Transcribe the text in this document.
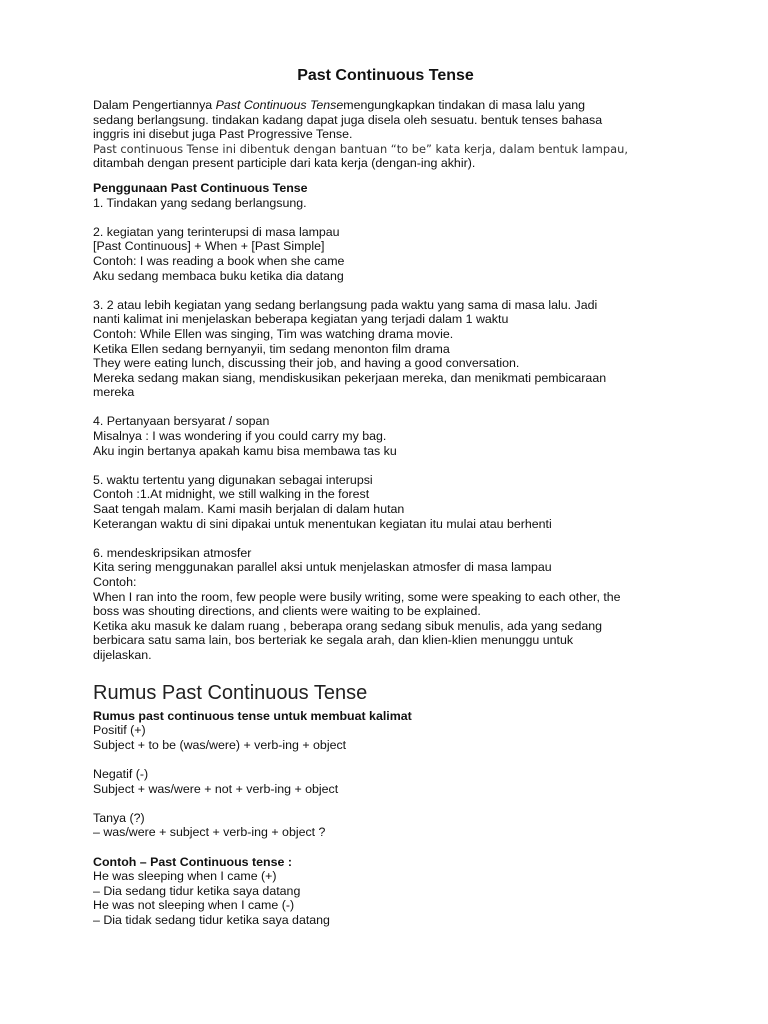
Past Continuous Tense
Dalam Pengertiannya Past Continuous Tensemengungkapkan tindakan di masa lalu yang
sedang berlangsung. tindakan kadang dapat juga disela oleh sesuatu. bentuk tenses bahasa
inggris ini disebut juga Past Progressive Tense.
Past continuous Tense ini dibentuk dengan bantuan “to be” kata kerja, dalam bentuk lampau,
ditambah dengan present participle dari kata kerja (dengan-ing akhir).
Penggunaan Past Continuous Tense
1. Tindakan yang sedang berlangsung.
2. kegiatan yang terinterupsi di masa lampau
[Past Continuous] + When + [Past Simple]
Contoh: I was reading a book when she came
Aku sedang membaca buku ketika dia datang
3. 2 atau lebih kegiatan yang sedang berlangsung pada waktu yang sama di masa lalu. Jadi
nanti kalimat ini menjelaskan beberapa kegiatan yang terjadi dalam 1 waktu
Contoh: While Ellen was singing, Tim was watching drama movie.
Ketika Ellen sedang bernyanyii, tim sedang menonton film drama
They were eating lunch, discussing their job, and having a good conversation.
Mereka sedang makan siang, mendiskusikan pekerjaan mereka, dan menikmati pembicaraan
mereka
4. Pertanyaan bersyarat / sopan
Misalnya : I was wondering if you could carry my bag.
Aku ingin bertanya apakah kamu bisa membawa tas ku
5. waktu tertentu yang digunakan sebagai interupsi
Contoh :1.At midnight, we still walking in the forest
Saat tengah malam. Kami masih berjalan di dalam hutan
Keterangan waktu di sini dipakai untuk menentukan kegiatan itu mulai atau berhenti
6. mendeskripsikan atmosfer
Kita sering menggunakan parallel aksi untuk menjelaskan atmosfer di masa lampau
Contoh:
When I ran into the room, few people were busily writing, some were speaking to each other, the
boss was shouting directions, and clients were waiting to be explained.
Ketika aku masuk ke dalam ruang , beberapa orang sedang sibuk menulis, ada yang sedang
berbicara satu sama lain, bos berteriak ke segala arah, dan klien-klien menunggu untuk
dijelaskan.
Rumus Past Continuous Tense
Rumus past continuous tense untuk membuat kalimat
Positif (+)
Subject + to be (was/were) + verb-ing + object
Negatif (-)
Subject + was/were + not + verb-ing + object
Tanya (?)
– was/were + subject + verb-ing + object ?
Contoh – Past Continuous tense :
He was sleeping when I came (+)
– Dia sedang tidur ketika saya datang
He was not sleeping when I came (-)
– Dia tidak sedang tidur ketika saya datang
